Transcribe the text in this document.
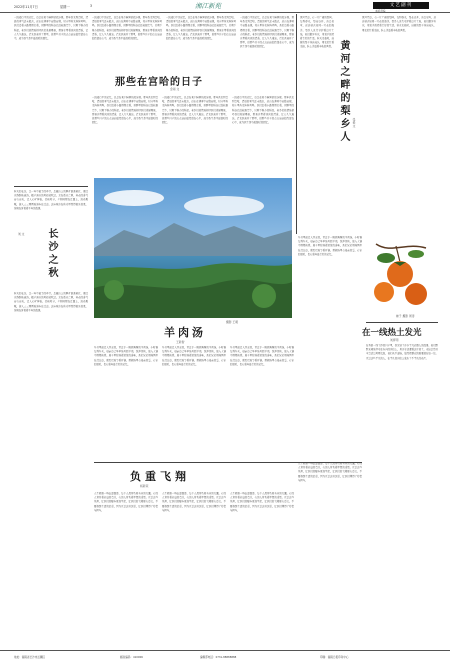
2022年11月7日	星期一	3	湘江新苑	文艺副刊
那些在宫哈的日子
金雨 文
一段旅行中的记忆，总是在某个瞬间悄然浮现。那年我来到宫哈，清晨的雾气还未散去，远山在薄雾中若隐若现，村庄里传来阵阵鸡鸣。我们沿着小路慢慢走着，田野里的稻谷已经收割完毕，只剩下整齐的稻茬。老乡们热情地招呼我们进屋喝茶，那茶水带着淡淡的清香，让人久久难忘。后来我离开了那里，但那些日子的点点滴滴始终留在心中，成为我生命中最温暖的回忆。
一段旅行中的记忆，总是在某个瞬间悄然浮现。那年我来到宫哈，清晨的雾气还未散去，远山在薄雾中若隐若现，村庄里传来阵阵鸡鸣。我们沿着小路慢慢走着，田野里的稻谷已经收割完毕，只剩下整齐的稻茬。老乡们热情地招呼我们进屋喝茶，那茶水带着淡淡的清香，让人久久难忘。后来我离开了那里，但那些日子的点点滴滴始终留在心中，成为我生命中最温暖的回忆。
一段旅行中的记忆，总是在某个瞬间悄然浮现。那年我来到宫哈，清晨的雾气还未散去，远山在薄雾中若隐若现，村庄里传来阵阵鸡鸣。我们沿着小路慢慢走着，田野里的稻谷已经收割完毕，只剩下整齐的稻茬。老乡们热情地招呼我们进屋喝茶，那茶水带着淡淡的清香，让人久久难忘。后来我离开了那里，但那些日子的点点滴滴始终留在心中，成为我生命中最温暖的回忆。
一段旅行中的记忆，总是在某个瞬间悄然浮现。那年我来到宫哈，清晨的雾气还未散去，远山在薄雾中若隐若现，村庄里传来阵阵鸡鸣。我们沿着小路慢慢走着，田野里的稻谷已经收割完毕，只剩下整齐的稻茬。老乡们热情地招呼我们进屋喝茶，那茶水带着淡淡的清香，让人久久难忘。后来我离开了那里，但那些日子的点点滴滴始终留在心中，成为我生命中最温暖的回忆。
一段旅行中的记忆，总是在某个瞬间悄然浮现。那年我来到宫哈，清晨的雾气还未散去，远山在薄雾中若隐若现，村庄里传来阵阵鸡鸣。我们沿着小路慢慢走着，田野里的稻谷已经收割完毕，只剩下整齐的稻茬。老乡们热情地招呼我们进屋喝茶，那茶水带着淡淡的清香，让人久久难忘。后来我离开了那里，但那些日子的点点滴滴始终留在心中，成为我生命中最温暖的回忆。
一段旅行中的记忆，总是在某个瞬间悄然浮现。那年我来到宫哈，清晨的雾气还未散去，远山在薄雾中若隐若现，村庄里传来阵阵鸡鸣。我们沿着小路慢慢走着，田野里的稻谷已经收割完毕，只剩下整齐的稻茬。老乡们热情地招呼我们进屋喝茶，那茶水带着淡淡的清香，让人久久难忘。后来我离开了那里，但那些日子的点点滴滴始终留在心中，成为我生命中最温暖的回忆。
一段旅行中的记忆，总是在某个瞬间悄然浮现。那年我来到宫哈，清晨的雾气还未散去，远山在薄雾中若隐若现，村庄里传来阵阵鸡鸣。我们沿着小路慢慢走着，田野里的稻谷已经收割完毕，只剩下整齐的稻茬。老乡们热情地招呼我们进屋喝茶，那茶水带着淡淡的清香，让人久久难忘。后来我离开了那里，但那些日子的点点滴滴始终留在心中，成为我生命中最温暖的回忆。
黄河岸边，有一片广阔的梨园。每到春天，梨花盛开，洁白如雪，远远望去如同一片花的海洋。梨乡人世代守护着这片土地，他们勤劳朴实，用双手创造着美好的生活。秋天来临时，满树的梨子挂满枝头，果农们忙着采摘，脸上洋溢着丰收的喜悦。 黄河之畔的梨乡人 张毅 文
黄河岸边，有一片广阔的梨园。每到春天，梨花盛开，洁白如雪，远远望去如同一片花的海洋。梨乡人世代守护着这片土地，他们勤劳朴实，用双手创造着美好的生活。秋天来临时，满树的梨子挂满枝头，果农们忙着采摘，脸上洋溢着丰收的喜悦。
秋天的长沙，是一年中最美的季节。岳麓山上的枫叶渐渐染红，湘江水静静地流淌，橘子洲头的风轻轻吹过。走在街巷之间，桂花的香气若有若无，让人心旷神怡。傍晚时分，夕阳映照在江面上，波光粼粼，游人三三两两地漫步在江边。这座城市在秋天里显得格外温柔，仿佛在诉说着千年的故事。
长沙之秋
刘 文
秋天的长沙，是一年中最美的季节。岳麓山上的枫叶渐渐染红，湘江水静静地流淌，橘子洲头的风轻轻吹过。走在街巷之间，桂花的香气若有若无，让人心旷神怡。傍晚时分，夕阳映照在江面上，波光粼粼，游人三三两两地漫步在江边。这座城市在秋天里显得格外温柔，仿佛在诉说着千年的故事。
摄影 王朝
羊肉汤
王新智
冬日里最让人怀念的，莫过于一碗热腾腾的羊肉汤。小时候每到冬天，母亲总会早早地买回羊肉，洗净切块，放入大锅中慢慢炖煮。屋子里弥漫着浓浓的香味，我们兄弟姐妹围坐在灶台边，眼巴巴地等着开锅。那碗汤里有母亲的爱，有家的温暖，也有童年最美好的记忆。
冬日里最让人怀念的，莫过于一碗热腾腾的羊肉汤。小时候每到冬天，母亲总会早早地买回羊肉，洗净切块，放入大锅中慢慢炖煮。屋子里弥漫着浓浓的香味，我们兄弟姐妹围坐在灶台边，眼巴巴地等着开锅。那碗汤里有母亲的爱，有家的温暖，也有童年最美好的记忆。
冬日里最让人怀念的，莫过于一碗热腾腾的羊肉汤。小时候每到冬天，母亲总会早早地买回羊肉，洗净切块，放入大锅中慢慢炖煮。屋子里弥漫着浓浓的香味，我们兄弟姐妹围坐在灶台边，眼巴巴地等着开锅。那碗汤里有母亲的爱，有家的温暖，也有童年最美好的记忆。
冬日里最让人怀念的，莫过于一碗热腾腾的羊肉汤。小时候每到冬天，母亲总会早早地买回羊肉，洗净切块，放入大锅中慢慢炖煮。屋子里弥漫着浓浓的香味，我们兄弟姐妹围坐在灶台边，眼巴巴地等着开锅。那碗汤里有母亲的爱，有家的温暖，也有童年最美好的记忆。
负重飞翔
杨新荣
人生就像一场长途跋涉，每个人都背负着各自的行囊。有的人背负着家庭的责任，有的人背负着梦想的重量。正是这些负担，让我们的脚步更加坚定，让我们的飞翔更有意义。不要抱怨生活的沉重，因为正是这份沉重，让我们懂得了珍惜与担当。
人生就像一场长途跋涉，每个人都背负着各自的行囊。有的人背负着家庭的责任，有的人背负着梦想的重量。正是这些负担，让我们的脚步更加坚定，让我们的飞翔更有意义。不要抱怨生活的沉重，因为正是这份沉重，让我们懂得了珍惜与担当。
人生就像一场长途跋涉，每个人都背负着各自的行囊。有的人背负着家庭的责任，有的人背负着梦想的重量。正是这些负担，让我们的脚步更加坚定，让我们的飞翔更有意义。不要抱怨生活的沉重，因为正是这份沉重，让我们懂得了珍惜与担当。
人生就像一场长途跋涉，每个人都背负着各自的行囊。有的人背负着家庭的责任，有的人背负着梦想的重量。正是这些负担，让我们的脚步更加坚定，让我们的飞翔更有意义。不要抱怨生活的沉重，因为正是这份沉重，让我们懂得了珍惜与担当。
柿子 摄影 周涛
在一线热土发光
刘育明
在基层一线工作的日子里，我见证了许多平凡而感人的故事。他们默默无闻地坚守在各自的岗位上，用汗水浇灌着这片热土。无论是烈日当空还是风雨交加，他们从不退缩，始终把群众的需要放在第一位。正是这些平凡的人，在平凡的岗位上发出了不平凡的光芒。
本版责编
地址：湖南省长沙市岳麓区	邮政编码：410006	编辑部电话：0731-88888888	印刷：湖南日报印务中心
